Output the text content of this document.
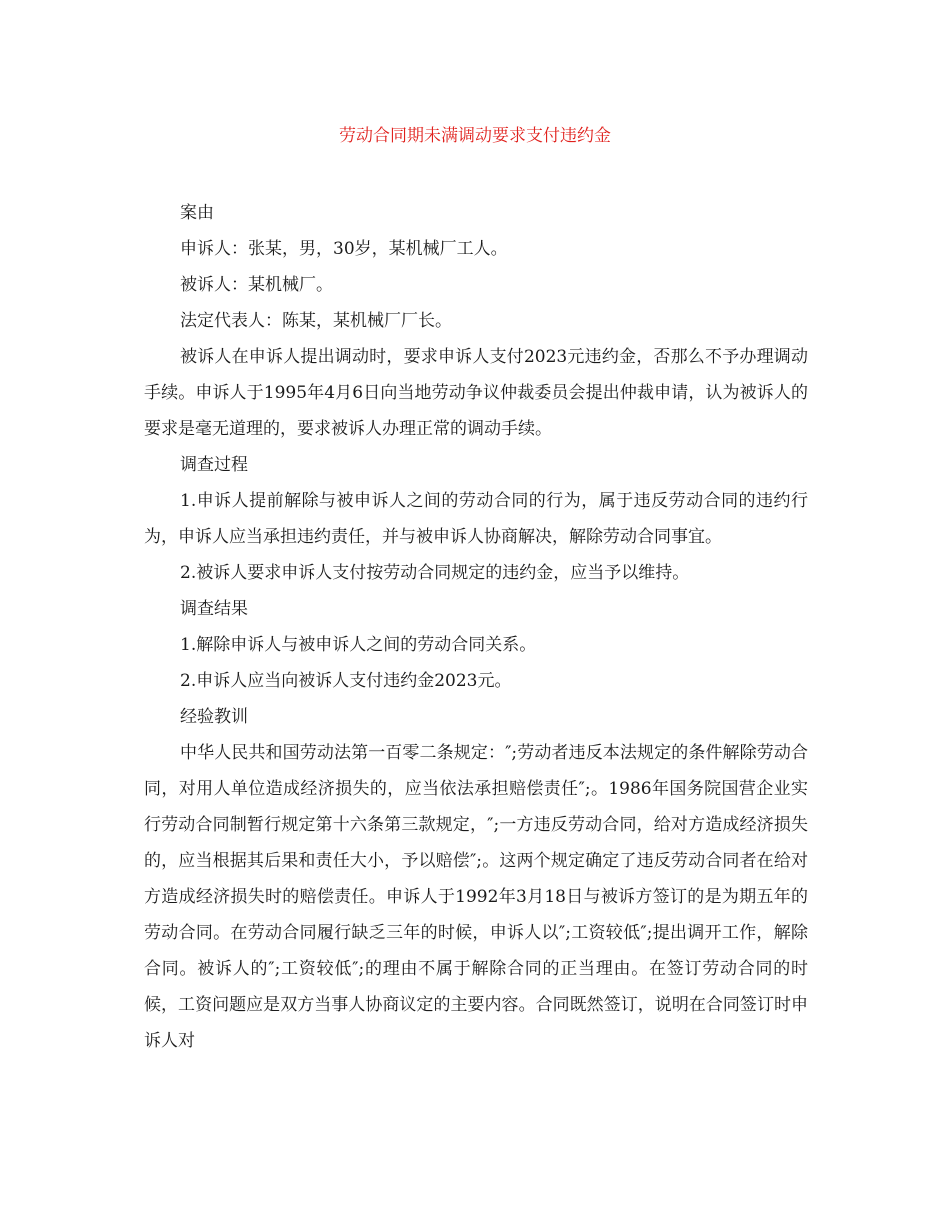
劳动合同期未满调动要求支付违约金

案由

申诉人：张某，男，30岁，某机械厂工人。

被诉人：某机械厂。

法定代表人：陈某，某机械厂厂长。

被诉人在申诉人提出调动时，要求申诉人支付2023元违约金，否那么不予办理调动手续。申诉人于1995年4月6日向当地劳动争议仲裁委员会提出仲裁申请，认为被诉人的要求是毫无道理的，要求被诉人办理正常的调动手续。

调查过程

1.申诉人提前解除与被申诉人之间的劳动合同的行为，属于违反劳动合同的违约行为，申诉人应当承担违约责任，并与被申诉人协商解决，解除劳动合同事宜。

2.被诉人要求申诉人支付按劳动合同规定的违约金，应当予以维持。

调查结果

1.解除申诉人与被申诉人之间的劳动合同关系。

2.申诉人应当向被诉人支付违约金2023元。

经验教训

中华人民共和国劳动法第一百零二条规定：″;劳动者违反本法规定的条件解除劳动合同，对用人单位造成经济损失的，应当依法承担赔偿责任″;。1986年国务院国营企业实行劳动合同制暂行规定第十六条第三款规定，″;一方违反劳动合同，给对方造成经济损失的，应当根据其后果和责任大小，予以赔偿″;。这两个规定确定了违反劳动合同者在给对方造成经济损失时的赔偿责任。申诉人于1992年3月18日与被诉方签订的是为期五年的劳动合同。在劳动合同履行缺乏三年的时候，申诉人以″;工资较低″;提出调开工作，解除合同。被诉人的″;工资较低″;的理由不属于解除合同的正当理由。在签订劳动合同的时候，工资问题应是双方当事人协商议定的主要内容。合同既然签订，说明在合同签订时申诉人对
